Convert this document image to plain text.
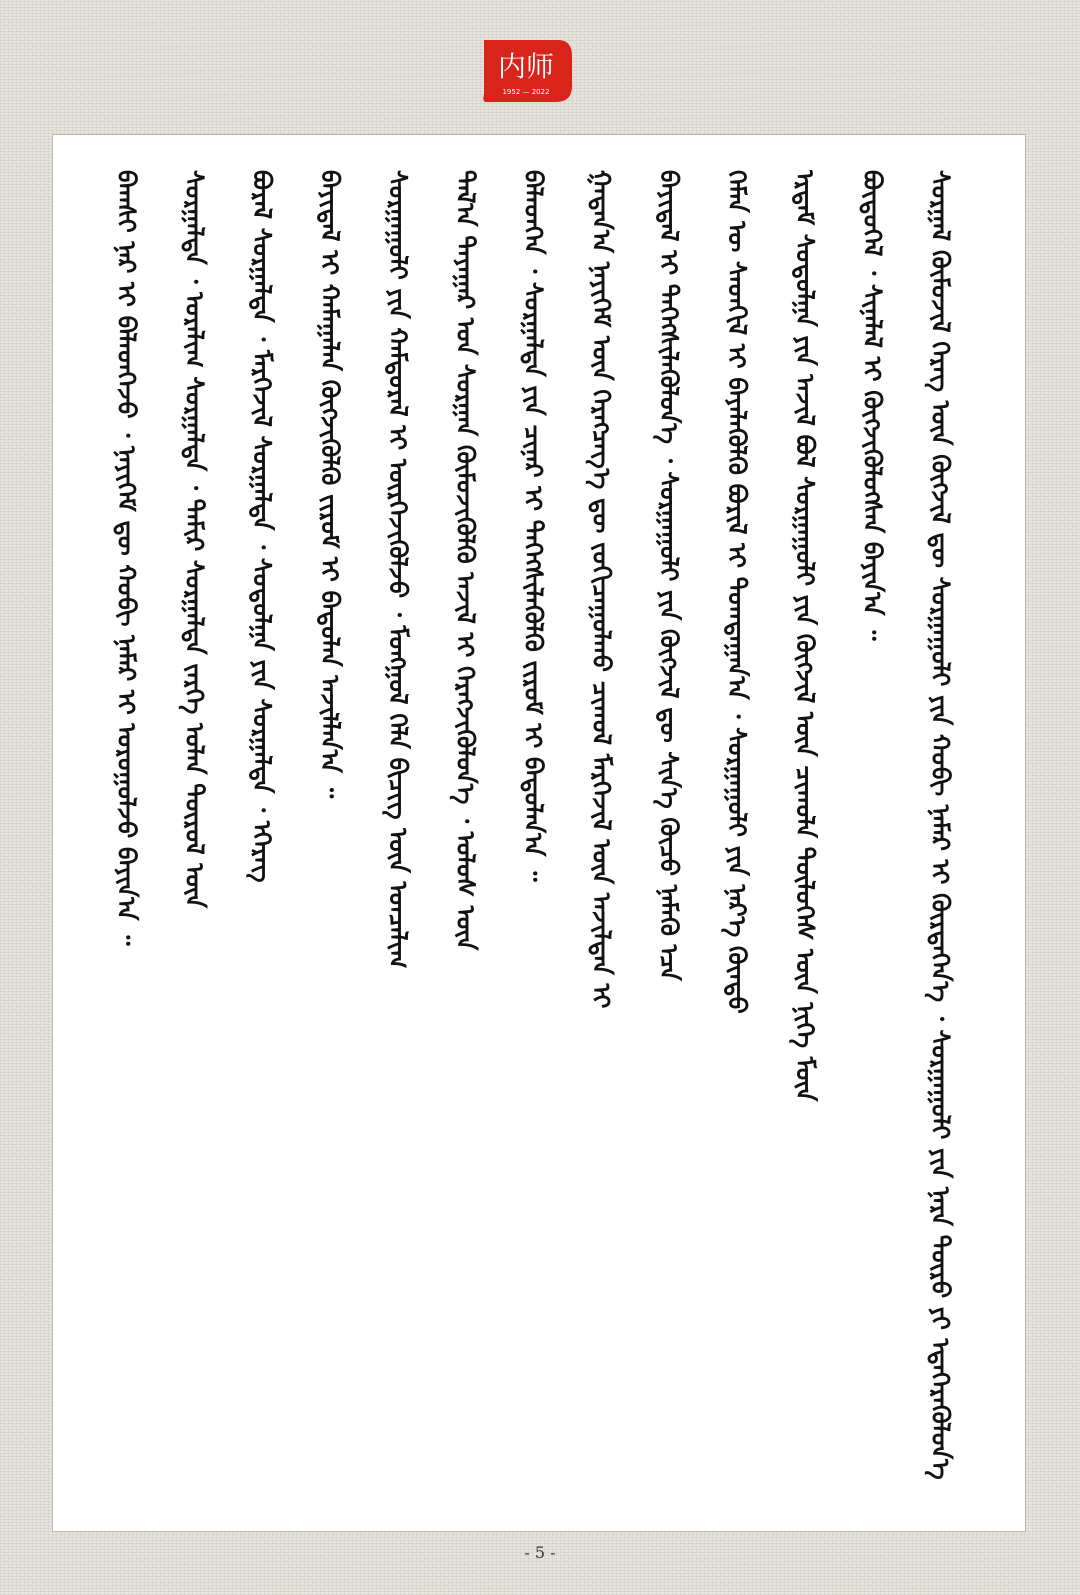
内师
1952 — 2022
ᠪᠠᠭᠰᠢ ᠨᠠᠷ ᠢ ᠪᠡᠯᠡᠳᠭᠡᠵᠦ ᠂ ᠨᠡᠶᠢᠭᠡᠮ ᠳᠦ ᠬᠤᠪᠢ ᠨᠡᠮᠡᠷ ᠢ ᠣᠷᠤᠭᠤᠯᠵᠤ ᠪᠠᠶᠢᠨ᠎ᠠ ᠃ ᠰᠤᠷᠭᠠᠯᠲᠠ ᠂ ᠤᠷᠠᠯᠢᠭ ᠰᠤᠷᠭᠠᠯᠲᠠ ᠂ ᠲᠠᠮᠢᠷ ᠰᠤᠷᠭᠠᠯᠲᠠ ᠵᠡᠷᠭᠡ ᠣᠯᠠᠨ ᠲᠦᠷᠦᠯ ᠦᠨ ᠪᠤᠷᠠᠯ ᠰᠤᠷᠭᠠᠯᠲᠠ ᠂ ᠮᠡᠷᠭᠡᠵᠢᠯ ᠰᠤᠷᠭᠠᠯᠲᠠ ᠂ ᠰᠤᠳᠤᠯᠭᠠ ᠶᠢᠨ ᠰᠤᠷᠭᠠᠯᠲᠠ ᠂ ᠡᠭᠡᠷᠡᠭ ᠪᠠᠶᠢᠳᠠᠯ ᠢ ᠬᠠᠮᠠᠭᠠᠯᠠᠨ ᠬᠥᠭᠵᠢᠭᠦᠯᠬᠦ ᠵᠢᠷᠤᠮ ᠢ ᠪᠠᠲᠤᠯᠠᠨ ᠠᠵᠢᠯᠯᠠᠨ᠎ᠠ ᠃ ᠰᠤᠷᠭᠠᠭᠤᠯᠢ ᠶᠢᠨ ᠬᠠᠮᠲᠤᠷᠠᠯ ᠢ ᠥᠷᠭᠡᠵᠢᠭᠦᠯᠵᠦ ᠂ ᠮᠣᠩᠭᠣᠯ ᠬᠡᠯᠡ ᠪᠢᠴᠢᠭ ᠦᠨ ᠣᠨᠴᠠᠯᠢᠭ ᠲᠠᠯ᠎ᠠ ᠳᠠᠶᠠᠭᠠᠷ ᠤᠨ ᠰᠤᠷᠭᠠᠨ ᠬᠦᠮᠦᠵᠢᠭᠦᠯᠬᠦ ᠠᠵᠢᠯ ᠢ ᠬᠡᠷᠡᠭᠵᠢᠭᠦᠯᠦᠨ᠎ᠡ ᠂ ᠤᠯᠤᠰ ᠦᠨ ᠪᠡᠯᠡᠳᠬᠡᠨ ᠂ ᠰᠤᠷᠭᠠᠯᠲᠠ ᠶᠢᠨ ᠴᠢᠨᠠᠷ ᠢ ᠳᠡᠭᠡᠭᠰᠢᠯᠡᠭᠦᠯᠬᠦ ᠵᠢᠷᠤᠮ ᠢ ᠪᠠᠲᠤᠯᠠᠨ᠎ᠠ ᠃ ᠭᠠᠳᠠᠨ᠎ᠠ ᠨᠡᠶᠢᠭᠡᠮ ᠦᠨ ᠬᠡᠷᠡᠭᠴᠡᠭ᠎ᠡ ᠳᠦ ᠵᠣᠬᠢᠴᠠᠭᠤᠯᠬᠤ ᠴᠢᠬᠤᠯ ᠮᠡᠷᠭᠡᠵᠢᠯ ᠦᠨ ᠠᠵᠢᠯᠲᠠᠨ ᠢ ᠪᠠᠶᠢᠳᠠᠯ ᠢ ᠳᠡᠭᠡᠭᠰᠢᠯᠡᠭᠦᠯᠦᠨ᠎ᠡ ᠂ ᠰᠤᠷᠭᠠᠭᠤᠯᠢ ᠶᠢᠨ ᠬᠥᠭᠵᠢᠯ ᠳᠦ ᠰᠢᠨ᠎ᠡ ᠬᠦᠴᠦ ᠨᠡᠮᠡᠬᠦ ᠡᠴᠡ ᠬᠡᠮᠡᠨ ᠦ ᠰᠡᠳᠭᠢᠯ ᠢ ᠪᠡᠶᠡᠯᠡᠭᠦᠯᠬᠦ ᠪᠤᠷᠢᠯ ᠢ ᠲᠣᠭᠲᠠᠭᠠᠨ᠎ᠠ ᠂ ᠰᠤᠷᠭᠠᠭᠤᠯᠢ ᠶᠢᠨ ᠨᠡᠷ᠎ᠡ ᠬᠦᠨᠳᠦ ᠡᠷᠳᠡᠮ ᠰᠤᠳᠤᠯᠭᠠ ᠶᠢᠨ ᠠᠵᠢᠯ ᠪᠤᠯ ᠰᠤᠷᠭᠠᠭᠤᠯᠢ ᠶᠢᠨ ᠬᠥᠭᠵᠢᠯ ᠦᠨ ᠴᠢᠬᠤᠯᠠ ᠲᠥᠯᠦᠭᠡᠰ ᠦᠨ ᠨᠢᠭᠡ ᠮᠥᠨ ᠪᠦᠲᠦᠭᠡᠯ ᠂ ᠰᠢᠨᠡᠯᠡᠯ ᠢ ᠬᠥᠭᠵᠢᠭᠦᠯᠦᠭᠰᠡᠨ ᠪᠠᠶᠢᠨ᠎ᠠ ᠃ ᠰᠤᠷᠭᠠᠯ ᠬᠦᠮᠦᠵᠢᠯ ᠬᠡᠷᠡᠭ ᠦᠨ ᠬᠥᠭᠵᠢᠯ ᠳᠦ ᠰᠤᠷᠭᠠᠭᠤᠯᠢ ᠶᠢᠨ ᠬᠤᠪᠢ ᠨᠡᠮᠡᠷ ᠢ ᠬᠦᠷᠲᠡᠭᠡᠨ᠎ᠡ ᠂ ᠰᠤᠷᠭᠠᠭᠤᠯᠢ ᠶᠢᠨ ᠨᠡᠷᠡ ᠲᠥᠷᠥ ᠶᠢ ᠡᠳᠡᠭᠡᠷᠡᠭᠦᠯᠦᠨ᠎ᠡ
- 5 -
